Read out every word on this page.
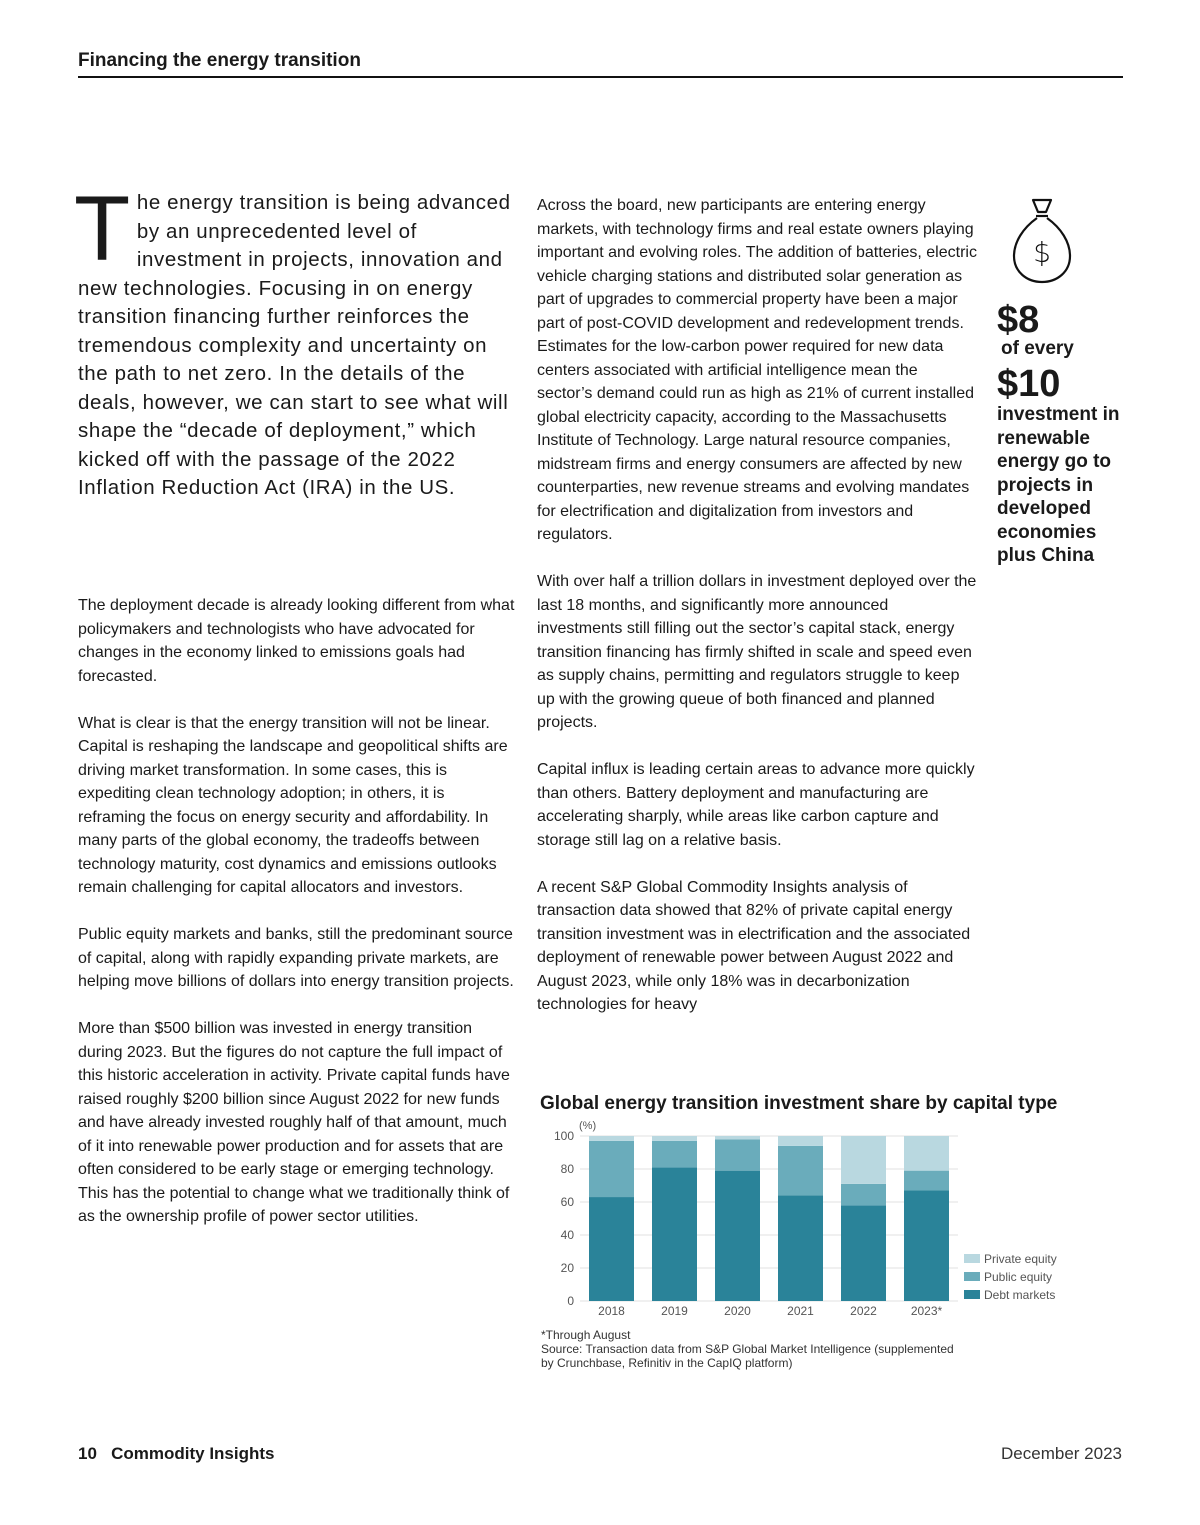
Financing the energy transition
The energy transition is being advanced by an unprecedented level of investment in projects, innovation and new technologies. Focusing in on energy transition financing further reinforces the tremendous complexity and uncertainty on the path to net zero. In the details of the deals, however, we can start to see what will shape the “decade of deployment,” which kicked off with the passage of the 2022 Inflation Reduction Act (IRA) in the US.

The deployment decade is already looking different from what policymakers and technologists who have advocated for changes in the economy linked to emissions goals had forecasted.

What is clear is that the energy transition will not be linear. Capital is reshaping the landscape and geopolitical shifts are driving market transformation. In some cases, this is expediting clean technology adoption; in others, it is reframing the focus on energy security and affordability. In many parts of the global economy, the tradeoffs between technology maturity, cost dynamics and emissions outlooks remain challenging for capital allocators and investors.

Public equity markets and banks, still the predominant source of capital, along with rapidly expanding private markets, are helping move billions of dollars into energy transition projects.

More than $500 billion was invested in energy transition during 2023. But the figures do not capture the full impact of this historic acceleration in activity. Private capital funds have raised roughly $200 billion since August 2022 for new funds and have already invested roughly half of that amount, much of it into renewable power production and for assets that are often considered to be early stage or emerging technology. This has the potential to change what we traditionally think of as the ownership profile of power sector utilities.

Across the board, new participants are entering energy markets, with technology firms and real estate owners playing important and evolving roles. The addition of batteries, electric vehicle charging stations and distributed solar generation as part of upgrades to commercial property have been a major part of post-COVID development and redevelopment trends. Estimates for the low-carbon power required for new data centers associated with artificial intelligence mean the sector’s demand could run as high as 21% of current installed global electricity capacity, according to the Massachusetts Institute of Technology. Large natural resource companies, midstream firms and energy consumers are affected by new counterparties, new revenue streams and evolving mandates for electrification and digitalization from investors and regulators.

With over half a trillion dollars in investment deployed over the last 18 months, and significantly more announced investments still filling out the sector’s capital stack, energy transition financing has firmly shifted in scale and speed even as supply chains, permitting and regulators struggle to keep up with the growing queue of both financed and planned projects.

Capital influx is leading certain areas to advance more quickly than others. Battery deployment and manufacturing are accelerating sharply, while areas like carbon capture and storage still lag on a relative basis.

A recent S&P Global Commodity Insights analysis of transaction data showed that 82% of private capital energy transition investment was in electrification and the associated deployment of renewable power between August 2022 and August 2023, while only 18% was in decarbonization technologies for heavy

$
$8
of every
$10
investment in renewable energy go to projects in developed economies plus China
Global energy transition investment share by capital type
0
20
40
60
80
100
(%)
2018	2019	2020	2021	2022	2023*
Private equity
Public equity
Debt markets
*Through August
Source: Transaction data from S&P Global Market Intelligence (supplemented
by Crunchbase, Refinitiv in the CapIQ platform)
10 Commodity Insights	December 2023
